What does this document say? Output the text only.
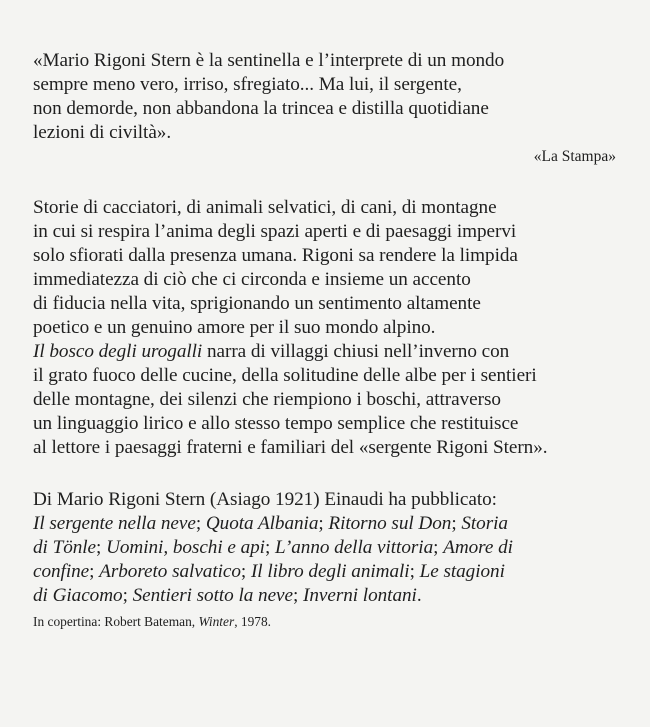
«Mario Rigoni Stern è la sentinella e l’interprete di un mondo
sempre meno vero, irriso, sfregiato... Ma lui, il sergente,
non demorde, non abbandona la trincea e distilla quotidiane
lezioni di civiltà».
«La Stampa»
Storie di cacciatori, di animali selvatici, di cani, di montagne
in cui si respira l’anima degli spazi aperti e di paesaggi impervi
solo sfiorati dalla presenza umana. Rigoni sa rendere la limpida
immediatezza di ciò che ci circonda e insieme un accento
di fiducia nella vita, sprigionando un sentimento altamente
poetico e un genuino amore per il suo mondo alpino.
Il bosco degli urogalli narra di villaggi chiusi nell’inverno con
il grato fuoco delle cucine, della solitudine delle albe per i sentieri
delle montagne, dei silenzi che riempiono i boschi, attraverso
un linguaggio lirico e allo stesso tempo semplice che restituisce
al lettore i paesaggi fraterni e familiari del «sergente Rigoni Stern».
Di Mario Rigoni Stern (Asiago 1921) Einaudi ha pubblicato:
Il sergente nella neve; Quota Albania; Ritorno sul Don; Storia
di Tönle; Uomini, boschi e api; L’anno della vittoria; Amore di
confine; Arboreto salvatico; Il libro degli animali; Le stagioni
di Giacomo; Sentieri sotto la neve; Inverni lontani.
In copertina: Robert Bateman, Winter, 1978.
